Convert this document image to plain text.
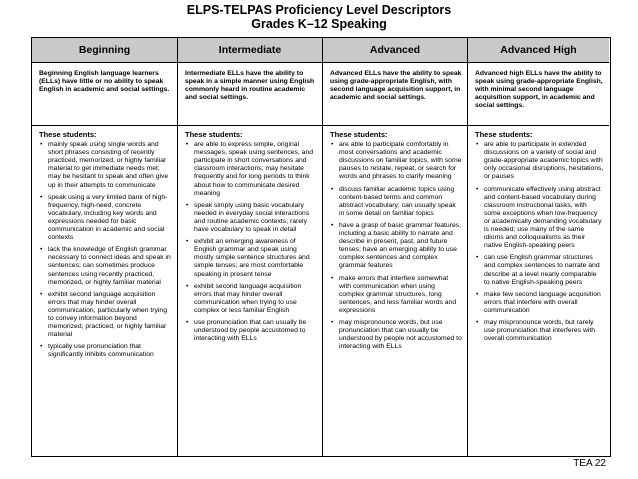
ELPS-TELPAS Proficiency Level Descriptors
Grades K–12 Speaking
Beginning
Beginning English language learners (ELLs) have little or no ability to speak English in academic and social settings.
These students:
• mainly speak using single words and short phrases consisting of recently practiced, memorized, or highly familiar material to get immediate needs met; may be hesitant to speak and often give up in their attempts to communicate
• speak using a very limited bank of high-frequency, high-need, concrete vocabulary, including key words and expressions needed for basic communication in academic and social contexts
• lack the knowledge of English grammar necessary to connect ideas and speak in sentences; can sometimes produce sentences using recently practiced, memorized, or highly familiar material
• exhibit second language acquisition errors that may hinder overall communication, particularly when trying to convey information beyond memorized, practiced, or highly familiar material
• typically use pronunciation that significantly inhibits communication
Intermediate
Intermediate ELLs have the ability to speak in a simple manner using English commonly heard in routine academic and social settings.
These students:
• are able to express simple, original messages, speak using sentences, and participate in short conversations and classroom interactions; may hesitate frequently and for long periods to think about how to communicate desired meaning
• speak simply using basic vocabulary needed in everyday social interactions and routine academic contexts; rarely have vocabulary to speak in detail
• exhibit an emerging awareness of English grammar and speak using mostly simple sentence structures and simple tenses; are most comfortable speaking in present tense
• exhibit second language acquisition errors that may hinder overall communication when trying to use complex or less familiar English
• use pronunciation that can usually be understood by people accustomed to interacting with ELLs
Advanced
Advanced ELLs have the ability to speak using grade-appropriate English, with second language acquisition support, in academic and social settings.
These students:
• are able to participate comfortably in most conversations and academic discussions on familiar topics, with some pauses to restate, repeat, or search for words and phrases to clarify meaning
• discuss familiar academic topics using content-based terms and common abstract vocabulary; can usually speak in some detail on familiar topics
• have a grasp of basic grammar features, including a basic ability to narrate and describe in present, past, and future tenses; have an emerging ability to use complex sentences and complex grammar features
• make errors that interfere somewhat with communication when using complex grammar structures, long sentences, and less familiar words and expressions
• may mispronounce words, but use pronunciation that can usually be understood by people not accustomed to interacting with ELLs
Advanced High
Advanced high ELLs have the ability to speak using grade-appropriate English, with minimal second language acquisition support, in academic and social settings.
These students:
• are able to participate in extended discussions on a variety of social and grade-appropriate academic topics with only occasional disruptions, hesitations, or pauses
• communicate effectively using abstract and content-based vocabulary during classroom instructional tasks, with some exceptions when low-frequency or academically demanding vocabulary is needed; use many of the same idioms and colloquialisms as their native English-speaking peers
• can use English grammar structures and complex sentences to narrate and describe at a level nearly comparable to native English-speaking peers
• make few second language acquisition errors that interfere with overall communication
• may mispronounce words, but rarely use pronunciation that interferes with overall communication
TEA 22
